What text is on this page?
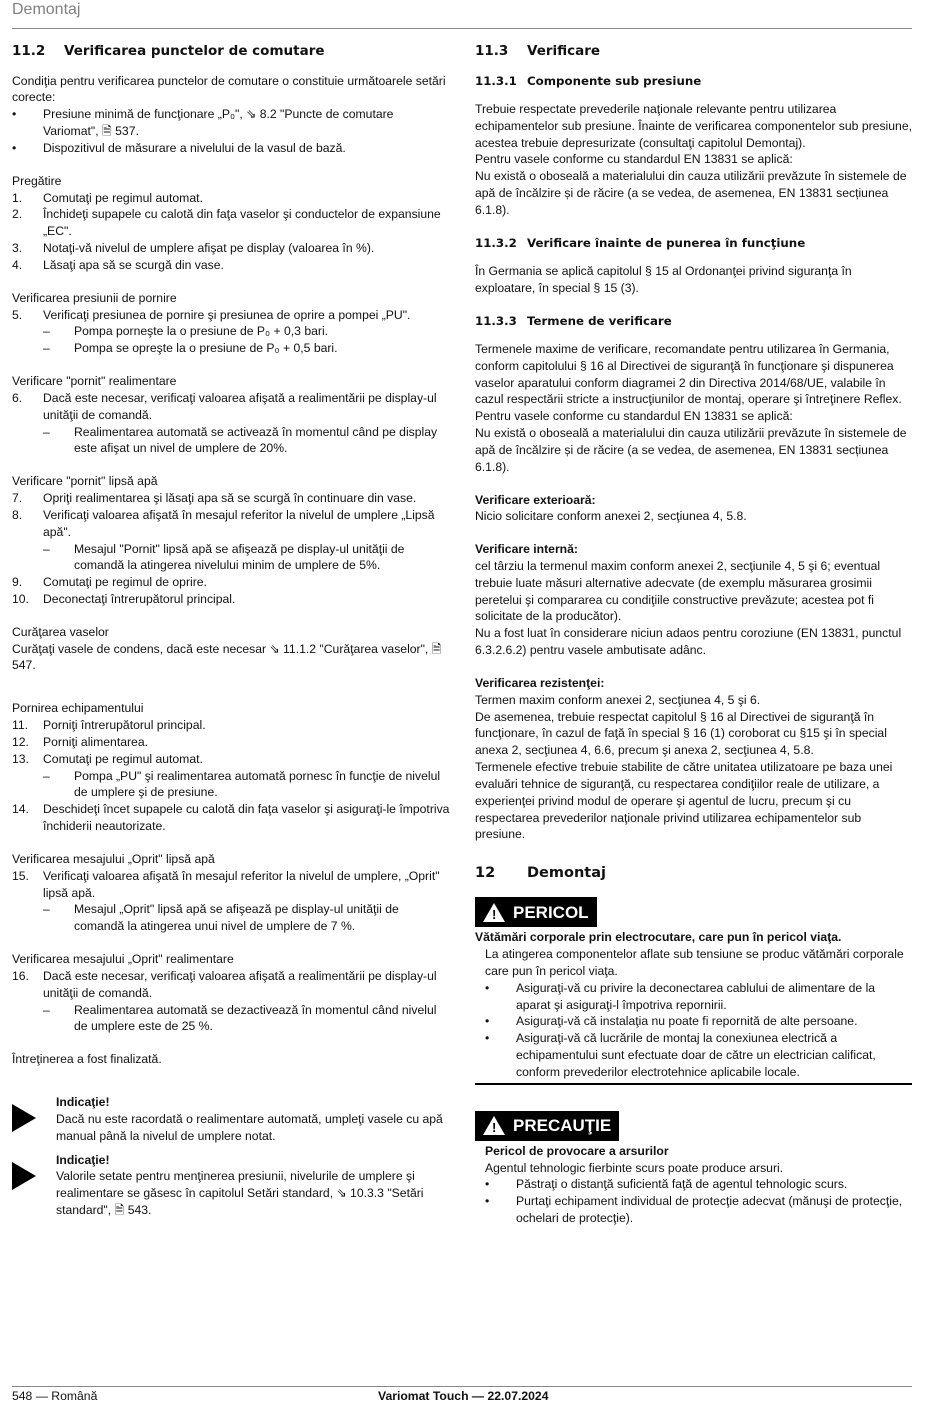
Demontaj
11.2	Verificarea punctelor de comutare

Condiţia pentru verificarea punctelor de comutare o constituie următoarele setări corecte:

•	Presiune minimă de funcţionare „P₀", ⇘ 8.2 "Puncte de comutare Variomat", 🗎 537.
•	Dispozitivul de măsurare a nivelului de la vasul de bază.

Pregătire

1.	Comutaţi pe regimul automat.
2.	Închideţi supapele cu calotă din faţa vaselor şi conductelor de expansiune „EC".
3.	Notaţi-vă nivelul de umplere afişat pe display (valoarea în %).
4.	Lăsaţi apa să se scurgă din vase.

Verificarea presiunii de pornire

5.	Verificaţi presiunea de pornire şi presiunea de oprire a pompei „PU".
–	Pompa porneşte la o presiune de P₀ + 0,3 bari.
–	Pompa se opreşte la o presiune de P₀ + 0,5 bari.

Verificare "pornit" realimentare

6.	Dacă este necesar, verificaţi valoarea afişată a realimentării pe display-ul unităţii de comandă.
–	Realimentarea automată se activează în momentul când pe display este afişat un nivel de umplere de 20%.

Verificare "pornit" lipsă apă

7.	Opriţi realimentarea şi lăsaţi apa să se scurgă în continuare din vase.
8.	Verificaţi valoarea afişată în mesajul referitor la nivelul de umplere „Lipsă apă".
–	Mesajul "Pornit" lipsă apă se afişează pe display-ul unităţii de comandă la atingerea nivelului minim de umplere de 5%.
9.	Comutaţi pe regimul de oprire.
10.	Deconectaţi întrerupătorul principal.

Curăţarea vaselor

Curăţaţi vasele de condens, dacă este necesar ⇘ 11.1.2 "Curăţarea vaselor", 🗎 547.

Pornirea echipamentului

11.	Porniţi întrerupătorul principal.
12.	Porniţi alimentarea.
13.	Comutaţi pe regimul automat.
–	Pompa „PU" şi realimentarea automată pornesc în funcţie de nivelul de umplere şi de presiune.
14.	Deschideţi încet supapele cu calotă din faţa vaselor şi asiguraţi-le împotriva închiderii neautorizate.

Verificarea mesajului „Oprit" lipsă apă

15.	Verificaţi valoarea afişată în mesajul referitor la nivelul de umplere, „Oprit" lipsă apă.
–	Mesajul „Oprit" lipsă apă se afişează pe display-ul unităţii de comandă la atingerea unui nivel de umplere de 7 %.

Verificarea mesajului „Oprit" realimentare

16.	Dacă este necesar, verificaţi valoarea afişată a realimentării pe display-ul unităţii de comandă.
–	Realimentarea automată se dezactivează în momentul când nivelul de umplere este de 25 %.

Întreţinerea a fost finalizată.

Indicaţie!

Dacă nu este racordată o realimentare automată, umpleţi vasele cu apă manual până la nivelul de umplere notat.

Indicaţie!

Valorile setate pentru menţinerea presiunii, nivelurile de umplere şi realimentare se găsesc în capitolul Setări standard, ⇘ 10.3.3 "Setări standard", 🗎 543.

11.3	Verificare
11.3.1 Componente sub presiune

Trebuie respectate prevederile naţionale relevante pentru utilizarea echipamentelor sub presiune. Înainte de verificarea componentelor sub presiune, acestea trebuie depresurizate (consultaţi capitolul Demontaj).

Pentru vasele conforme cu standardul EN 13831 se aplică:

Nu există o oboseală a materialului din cauza utilizării prevăzute în sistemele de apă de încălzire și de răcire (a se vedea, de asemenea, EN 13831 secțiunea 6.1.8).

11.3.2 Verificare înainte de punerea în funcţiune

În Germania se aplică capitolul § 15 al Ordonanţei privind siguranţa în exploatare, în special § 15 (3).

11.3.3 Termene de verificare

Termenele maxime de verificare, recomandate pentru utilizarea în Germania, conform capitolului § 16 al Directivei de siguranţă în funcţionare şi dispunerea vaselor aparatului conform diagramei 2 din Directiva 2014/68/UE, valabile în cazul respectării stricte a instrucţiunilor de montaj, operare şi întreţinere Reflex.

Pentru vasele conforme cu standardul EN 13831 se aplică:

Nu există o oboseală a materialului din cauza utilizării prevăzute în sistemele de apă de încălzire și de răcire (a se vedea, de asemenea, EN 13831 secțiunea 6.1.8).

Verificare exterioară:

Nicio solicitare conform anexei 2, secţiunea 4, 5.8.

Verificare internă:

cel târziu la termenul maxim conform anexei 2, secţiunile 4, 5 şi 6; eventual trebuie luate măsuri alternative adecvate (de exemplu măsurarea grosimii peretelui şi compararea cu condiţiile constructive prevăzute; acestea pot fi solicitate de la producător).

Nu a fost luat în considerare niciun adaos pentru coroziune (EN 13831, punctul 6.3.2.6.2) pentru vasele ambutisate adânc.

Verificarea rezistenţei:

Termen maxim conform anexei 2, secţiunea 4, 5 şi 6.

De asemenea, trebuie respectat capitolul § 16 al Directivei de siguranţă în funcţionare, în cazul de faţă în special § 16 (1) coroborat cu §15 şi în special anexa 2, secţiunea 4, 6.6, precum şi anexa 2, secţiunea 4, 5.8.

Termenele efective trebuie stabilite de către unitatea utilizatoare pe baza unei evaluări tehnice de siguranţă, cu respectarea condiţiilor reale de utilizare, a experienţei privind modul de operare şi agentul de lucru, precum şi cu respectarea prevederilor naţionale privind utilizarea echipamentelor sub presiune.

12	Demontaj
! PERICOL

Vătămări corporale prin electrocutare, care pun în pericol viaţa.

La atingerea componentelor aflate sub tensiune se produc vătămări corporale care pun în pericol viaţa.

•	Asiguraţi-vă cu privire la deconectarea cablului de alimentare de la aparat şi asiguraţi-l împotriva repornirii.
•	Asiguraţi-vă că instalaţia nu poate fi repornită de alte persoane.
•	Asiguraţi-vă că lucrările de montaj la conexiunea electrică a echipamentului sunt efectuate doar de către un electrician calificat, conform prevederilor electrotehnice aplicabile locale.
! PRECAUŢIE

Pericol de provocare a arsurilor

Agentul tehnologic fierbinte scurs poate produce arsuri.

•	Păstraţi o distanţă suficientă faţă de agentul tehnologic scurs.
•	Purtaţi echipament individual de protecţie adecvat (mănuşi de protecţie, ochelari de protecţie).
548 — Română	Variomat Touch — 22.07.2024
